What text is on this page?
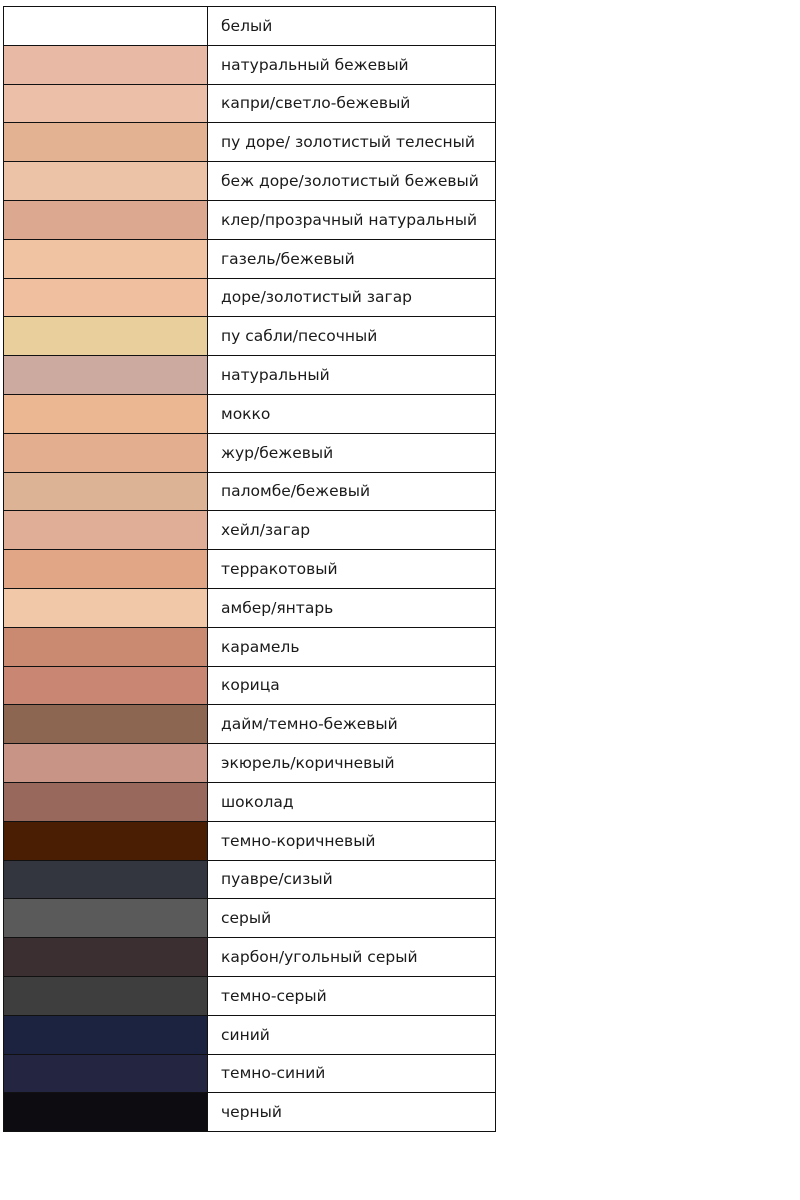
	белый

	натуральный бежевый

	капри/светло-бежевый

	пу доре/ золотистый телесный

	беж доре/золотистый бежевый

	клер/прозрачный натуральный

	газель/бежевый

	доре/золотистый загар

	пу сабли/песочный

	натуральный

	мокко

	жур/бежевый

	паломбе/бежевый

	хейл/загар

	терракотовый

	амбер/янтарь

	карамель

	корица

	дайм/темно-бежевый

	экюрель/коричневый

	шоколад

	темно-коричневый

	пуавре/сизый

	серый

	карбон/угольный серый

	темно-серый

	синий

	темно-синий

	черный
